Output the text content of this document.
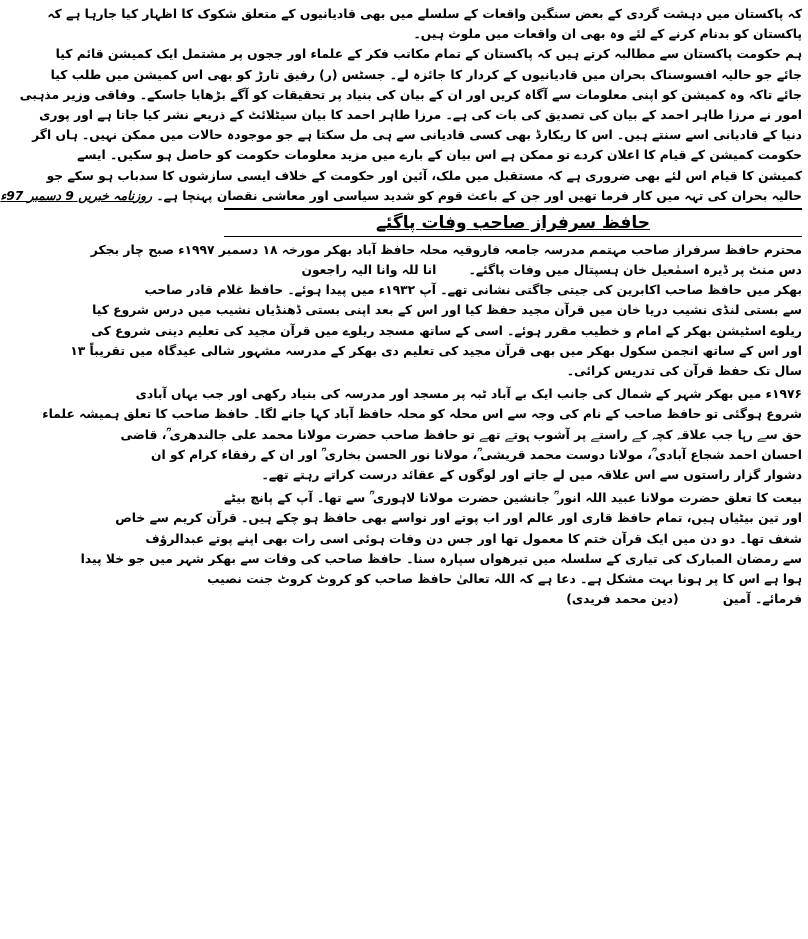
کہ پاکستان میں دہشت گردی کے بعض سنگین واقعات کے سلسلے میں بھی قادیانیوں کے متعلق شکوک کا اظہار کیا جارہا ہے کہ
پاکستان کو بدنام کرنے کے لئے وہ بھی ان واقعات میں ملوث ہیں۔
ہم حکومت پاکستان سے مطالبہ کرتے ہیں کہ پاکستان کے تمام مکاتب فکر کے علماء اور ججوں پر مشتمل ایک کمیشن قائم کیا
جائے جو حالیہ افسوسناک بحران میں قادیانیوں کے کردار کا جائزہ لے۔ جسٹس (ر) رفیق تارڑ کو بھی اس کمیشن میں طلب کیا
جائے تاکہ وہ کمیشن کو اپنی معلومات سے آگاہ کریں اور ان کے بیان کی بنیاد پر تحقیقات کو آگے بڑھایا جاسکے۔ وفاقی وزیر مذہبی
امور نے مرزا طاہر احمد کے بیان کی تصدیق کی بات کی ہے۔ مرزا طاہر احمد کا بیان سیٹلائٹ کے ذریعے نشر کیا جاتا ہے اور پوری
دنیا کے قادیانی اسے سنتے ہیں۔ اس کا ریکارڈ بھی کسی قادیانی سے ہی مل سکتا ہے جو موجودہ حالات میں ممکن نہیں۔ ہاں اگر
حکومت کمیشن کے قیام کا اعلان کردے تو ممکن ہے اس بیان کے بارے میں مزید معلومات حکومت کو حاصل ہو سکیں۔ ایسے
کمیشن کا قیام اس لئے بھی ضروری ہے کہ مستقبل میں ملک، آئین اور حکومت کے خلاف ایسی سازشوں کا سدباب ہو سکے جو
حالیہ بحران کی تہہ میں کار فرما تھیں اور جن کے باعث قوم کو شدید سیاسی اور معاشی نقصان پہنچا ہے۔ روزنامہ خبریں 9 دسمبر 97ء
حافظ سرفراز صاحب وفات پاگئے
محترم حافظ سرفراز صاحب مہتمم مدرسہ جامعہ فاروقیہ محلہ حافظ آباد بھکر مورخہ ۱۸ دسمبر ۱۹۹۷ء صبح چار بجکر
دس منٹ پر ڈیرہ اسمٰعیل خان ہسپتال میں وفات پاگئے۔ انا للہ وانا الیہ راجعون
بھکر میں حافظ صاحب اکابرین کی جیتی جاگتی نشانی تھے۔ آپ ۱۹۳۲ء میں پیدا ہوئے۔ حافظ غلام قادر صاحب
سے بستی لنڈی نشیب دریا خان میں قرآن مجید حفظ کیا اور اس کے بعد اپنی بستی ڈھنڈیاں نشیب میں درس شروع کیا
ریلوے اسٹیشن بھکر کے امام و خطیب مقرر ہوئے۔ اسی کے ساتھ مسجد ریلوے میں قرآن مجید کی تعلیم دینی شروع کی
اور اس کے ساتھ انجمن سکول بھکر میں بھی قرآن مجید کی تعلیم دی بھکر کے مدرسہ مشہور شالی عیدگاہ میں تقریباً ۱۳
سال تک حفظ قرآن کی تدریس کرائی۔
۱۹۷۶ء میں بھکر شہر کے شمال کی جانب ایک بے آباد ٹبہ پر مسجد اور مدرسہ کی بنیاد رکھی اور جب یہاں آبادی
شروع ہوگئی تو حافظ صاحب کے نام کی وجہ سے اس محلہ کو محلہ حافظ آباد کہا جانے لگا۔ حافظ صاحب کا تعلق ہمیشہ علماء
حق سے رہا جب علاقہ کچہ کے راستے پر آشوب ہوتے تھے تو حافظ صاحب حضرت مولانا محمد علی جالندھری ؒ، قاضی
احسان احمد شجاع آبادی ؒ، مولانا دوست محمد قریشی ؒ، مولانا نور الحسن بخاری ؒ اور ان کے رفقاء کرام کو ان
دشوار گزار راستوں سے اس علاقہ میں لے جاتے اور لوگوں کے عقائد درست کراتے رہتے تھے۔
بیعت کا تعلق حضرت مولانا عبید اللہ انور ؒ جانشین حضرت مولانا لاہوری ؒ سے تھا۔ آپ کے پانچ بیٹے
اور تین بیٹیاں ہیں، تمام حافظ قاری اور عالم اور اب پوتے اور نواسے بھی حافظ ہو چکے ہیں۔ قرآن کریم سے خاص
شغف تھا۔ دو دن میں ایک قرآن ختم کا معمول تھا اور جس دن وفات ہوئی اسی رات بھی اپنے پوتے عبدالرؤف
سے رمضان المبارک کی تیاری کے سلسلہ میں تیرھواں سپارہ سنا۔ حافظ صاحب کی وفات سے بھکر شہر میں جو خلا پیدا
ہوا ہے اس کا پر ہونا بہت مشکل ہے۔ دعا ہے کہ اللہ تعالیٰ حافظ صاحب کو کروٹ کروٹ جنت نصیب
فرمائے۔ آمین (دین محمد فریدی)
